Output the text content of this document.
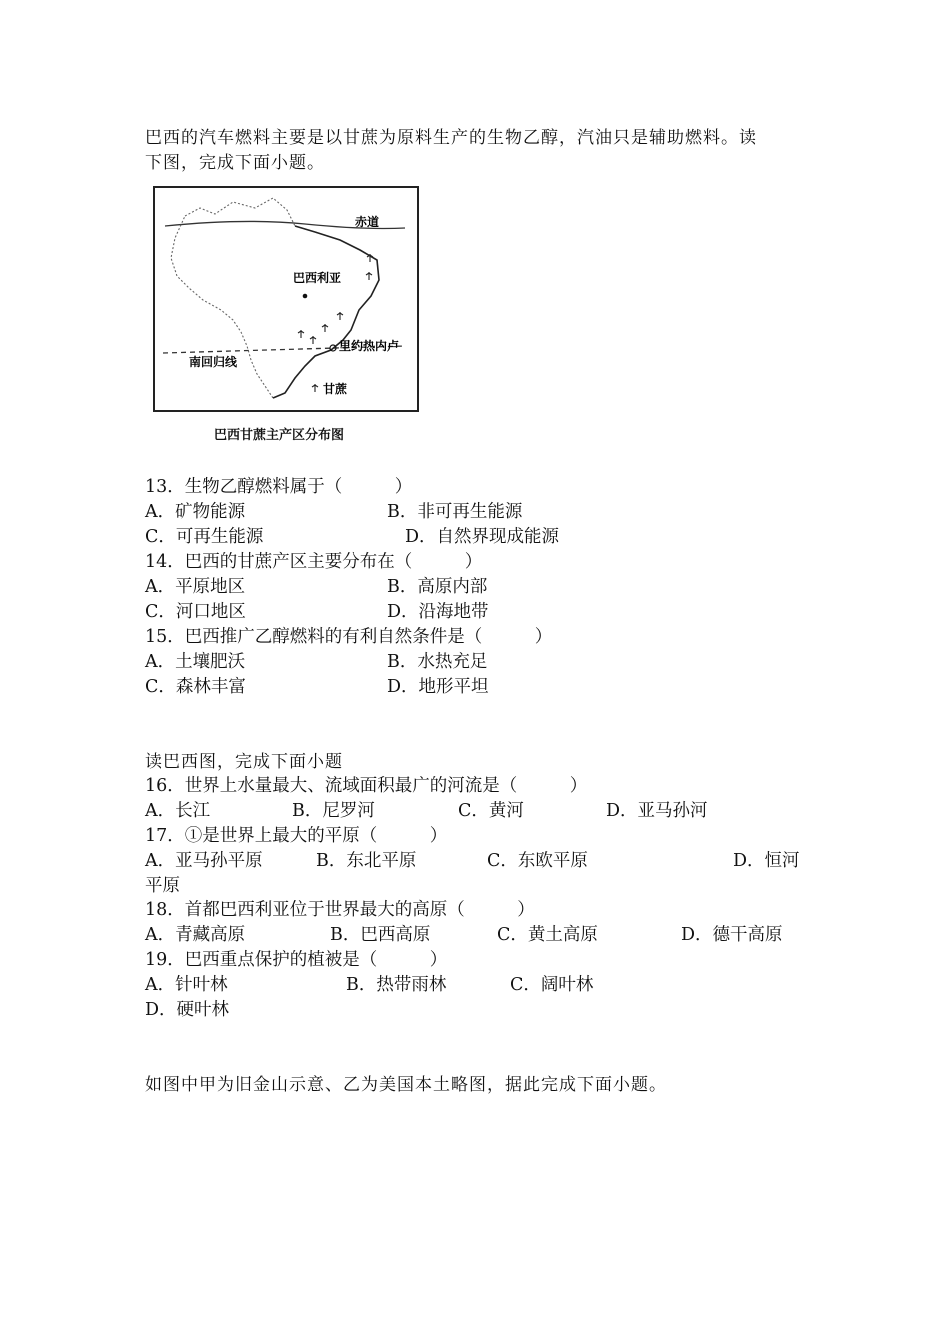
巴西的汽车燃料主要是以甘蔗为原料生产的生物乙醇，汽油只是辅助燃料。读
下图，完成下面小题。
赤道
巴西利亚
里约热内卢
南回归线
甘蔗
巴西甘蔗主产区分布图
13．生物乙醇燃料属于（　　　）
A．矿物能源	B．非可再生能源
C．可再生能源	D．自然界现成能源
14．巴西的甘蔗产区主要分布在（　　　）
A．平原地区	B．高原内部
C．河口地区	D．沿海地带
15．巴西推广乙醇燃料的有利自然条件是（　　　）
A．土壤肥沃	B．水热充足
C．森林丰富	D．地形平坦
读巴西图，完成下面小题
16．世界上水量最大、流域面积最广的河流是（　　　）
A．长江	B．尼罗河	C．黄河	D．亚马孙河
17．①是世界上最大的平原（　　　）
A．亚马孙平原	B．东北平原	C．东欧平原	D．恒河
平原
18．首都巴西利亚位于世界最大的高原（　　　）
A．青藏高原	B．巴西高原	C．黄土高原	D．德干高原
19．巴西重点保护的植被是（　　　）
A．针叶林	B．热带雨林	C．阔叶林
D．硬叶林
如图中甲为旧金山示意、乙为美国本土略图，据此完成下面小题。
